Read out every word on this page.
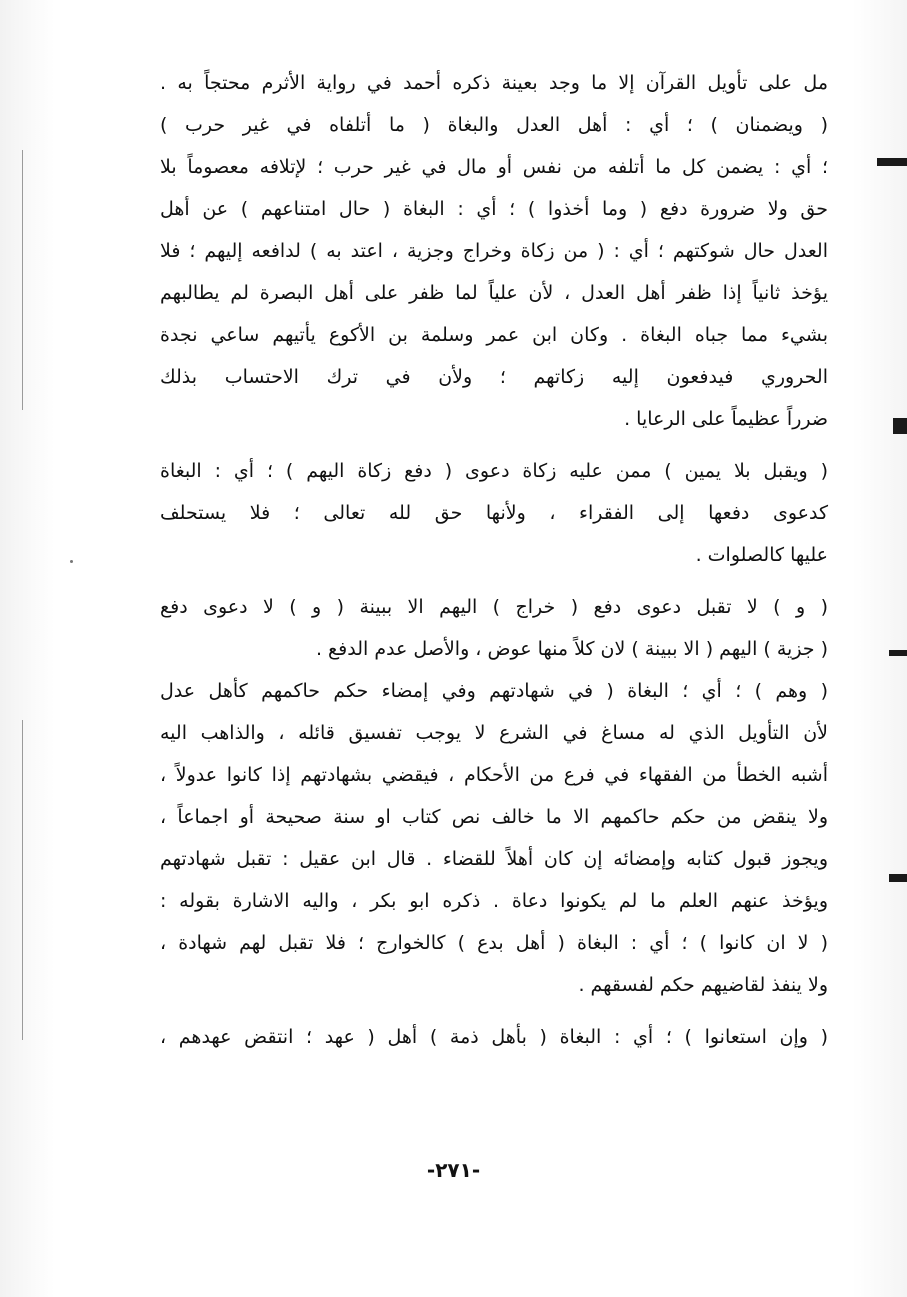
مل على تأويل القرآن إلا ما وجد بعينة ذكره أحمد في رواية الأثرم محتجاً به .
( ويضمنان ) ؛ أي : أهل العدل والبغاة ( ما أتلفاه في غير حرب )
؛ أي : يضمن كل ما أتلفه من نفس أو مال في غير حرب ؛ لإتلافه معصوماً بلا
حق ولا ضرورة دفع ( وما أخذوا ) ؛ أي : البغاة ( حال امتناعهم ) عن أهل
العدل حال شوكتهم ؛ أي : ( من زكاة وخراج وجزية ، اعتد به ) لدافعه إليهم ؛ فلا
يؤخذ ثانياً إذا ظفر أهل العدل ، لأن علياً لما ظفر على أهل البصرة لم يطالبهم
بشيء مما جباه البغاة . وكان ابن عمر وسلمة بن الأكوع يأتيهم ساعي نجدة
الحروري فيدفعون إليه زكاتهم ؛ ولأن في ترك الاحتساب بذلك
ضرراً عظيماً على الرعايا .
( ويقبل بلا يمين ) ممن عليه زكاة دعوى ( دفع زكاة اليهم ) ؛ أي : البغاة
كدعوى دفعها إلى الفقراء ، ولأنها حق لله تعالى ؛ فلا يستحلف
عليها كالصلوات .
( و ) لا تقبل دعوى دفع ( خراج ) اليهم الا ببينة ( و ) لا دعوى دفع
( جزية ) اليهم ( الا ببينة ) لان كلاً منها عوض ، والأصل عدم الدفع .
( وهم ) ؛ أي ؛ البغاة ( في شهادتهم وفي إمضاء حكم حاكمهم كأهل عدل
لأن التأويل الذي له مساغ في الشرع لا يوجب تفسيق قائله ، والذاهب اليه
أشبه الخطأ من الفقهاء في فرع من الأحكام ، فيقضي بشهادتهم إذا كانوا عدولاً ،
ولا ينقض من حكم حاكمهم الا ما خالف نص كتاب او سنة صحيحة أو اجماعاً ،
ويجوز قبول كتابه وإمضائه إن كان أهلاً للقضاء . قال ابن عقيل : تقبل شهادتهم
ويؤخذ عنهم العلم ما لم يكونوا دعاة . ذكره ابو بكر ، واليه الاشارة بقوله :
( لا ان كانوا ) ؛ أي : البغاة ( أهل بدع ) كالخوارج ؛ فلا تقبل لهم شهادة ،
ولا ينفذ لقاضيهم حكم لفسقهم .
( وإن استعانوا ) ؛ أي : البغاة ( بأهل ذمة ) أهل ( عهد ؛ انتقض عهدهم ،
-٢٧١-
